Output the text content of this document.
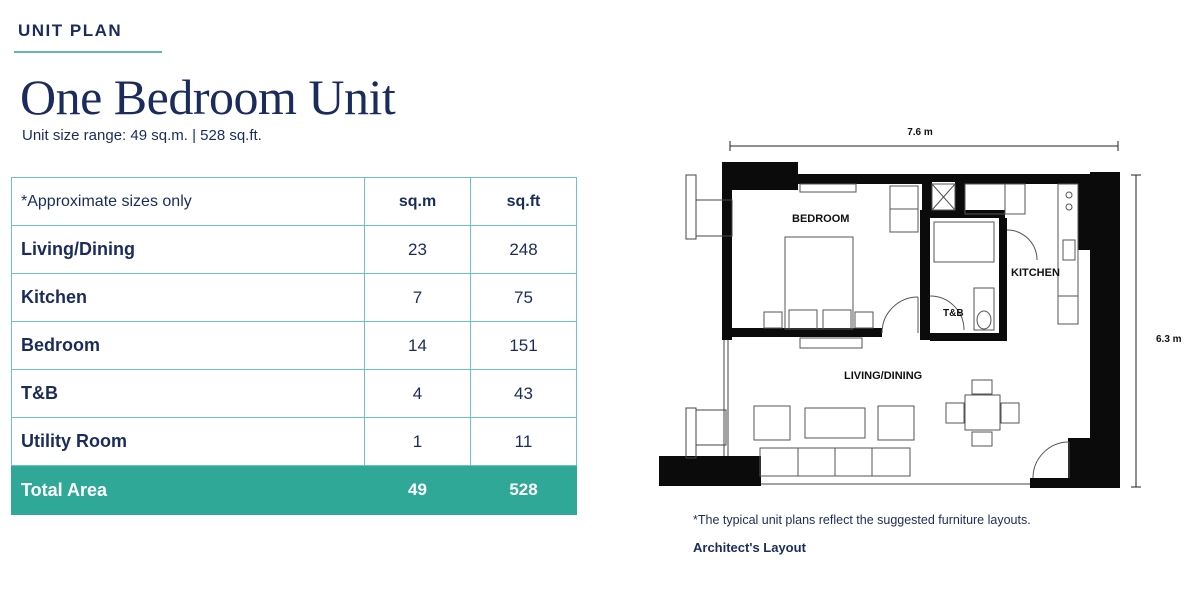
UNIT PLAN
One Bedroom Unit
Unit size range: 49 sq.m. | 528 sq.ft.
*Approximate sizes only	sq.m	sq.ft
Living/Dining	23	248
Kitchen	7	75
Bedroom	14	151
T&B	4	43
Utility Room	1	11
Total Area	49	528
7.6 m
6.3 m
BEDROOM
KITCHEN
T&B
LIVING/DINING
*The typical unit plans reflect the suggested furniture layouts.
Architect's Layout
